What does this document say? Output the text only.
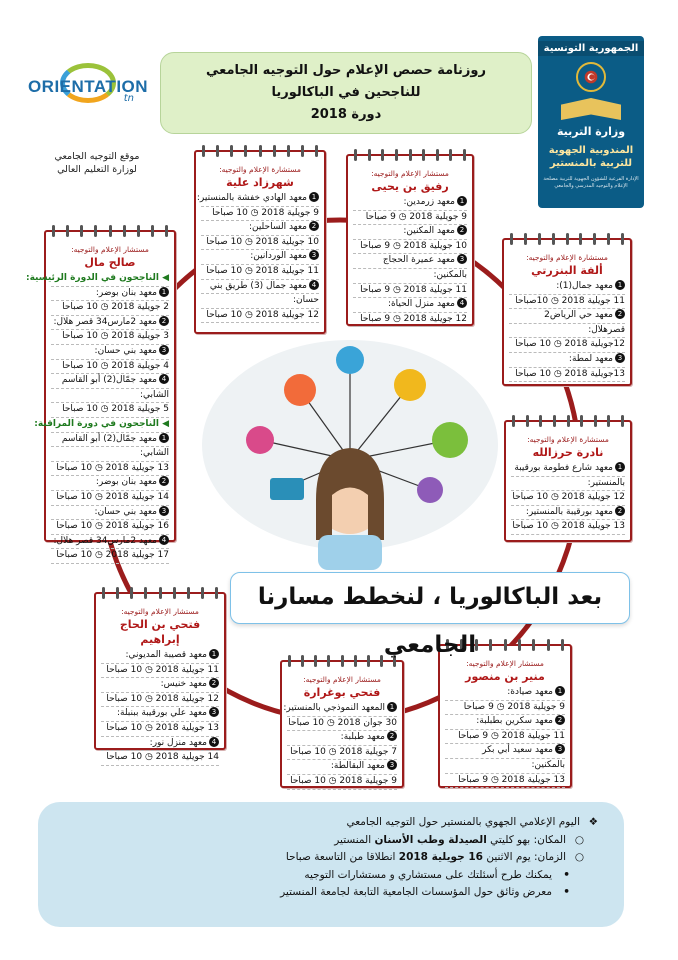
ORIENTATION
tn
موقع التوجيه الجامعي
لوزارة التعليم العالي
روزنامة حصص الإعلام حول التوجيه الجامعي
للناجحين في الباكالوريا
دورة 2018
الجمهورية التونسية
وزارة التربية
المندوبية الجهوية
للتربية بالمنستير
الإدارة الفرعية للشؤون الجهوية للتربية مصلحة الإعلام والتوجيه المدرسي والجامعي
مستشار الإعلام والتوجيه:
رفيق بن يحيى
1معهد زرمدين:
9 جويلية 2018 ◷ 9 صباحا
2معهد المكنين:
10 جويلية 2018 ◷ 9 صباحا
3معهد عميرة الحجاج
بالمكنين:
11 جويلية 2018 ◷ 9 صباحا
4معهد منزل الحياة:
12 جويلية 2018 ◷ 9 صباحا
مستشارة الإعلام والتوجيه:
شهرزاد علية
1معهد الهادي خفشة بالمنستير:
9 جويلية 2018 ◷ 10 صباحا
2معهد الساحلين:
10 جويلية 2018 ◷ 10 صباحا
3معهد الوردانين:
11 جويلية 2018 ◷ 10 صباحا
4معهد جمال (3) طريق بني
حسان:
12 جويلية 2018 ◷ 10 صباحا
مستشار الإعلام والتوجيه:
صالح مال
◀ الناجحون في الدورة الرئيسية:
1معهد بنان بوضر:
2 جويلية 2018 ◷ 10 صباحا
2معهد 2مارس34 قصر هلال:
3 جويلية 2018 ◷ 10 صباحا
3معهد بني حسان:
4 جويلية 2018 ◷ 10 صباحا
4معهد جمّال(2) أبو القاسم
الشابي:
5 جويلية 2018 ◷ 10 صباحا
◀ الناجحون في دورة المراقبة:
1معهد جمّال(2) أبو القاسم
الشابي:
13 جويلية 2018 ◷ 10 صباحا
2معهد بنان بوضر:
14 جويلية 2018 ◷ 10 صباحا
3معهد بني حسان:
16 جويلية 2018 ◷ 10 صباحا
4معهد 2مارس34 قصر هلال:
17 جويلية 2018 ◷ 10 صباحا
مستشارة الإعلام والتوجيه:
ألفة البنزرتي
1معهد جمال(1):
11 جويلية 2018 ◷ 10صباحا
2معهد حي الرياض2
قصرهلال:
12جويلية 2018 ◷ 10 صباحا
3معهد لمطة:
13جويلية 2018 ◷ 10 صباحا
مستشارة الإعلام والتوجيه:
نادرة حرزالله
1معهد شارع فطومة بورقيبة
بالمنستير:
12 جويلية 2018 ◷ 10 صباحا
2معهد بورقيبة بالمنستير:
13 جويلية 2018 ◷ 10 صباحا
مستشار الإعلام والتوجيه:
فتحي بن الحاج إبراهيم
1معهد قصيبة المديوني:
11 جويلية 2018 ◷ 10 صباحا
2معهد خنيس:
12 جويلية 2018 ◷ 10 صباحا
3معهد علي بورقيبة ببنبلة:
13 جويلية 2018 ◷ 10 صباحا
4معهد منزل نور:
14 جويلية 2018 ◷ 10 صباحا
مستشار الإعلام والتوجيه:
فتحي بوغرارة
1المعهد النموذجي بالمنستير:
30 جوان 2018 ◷ 10 صباحا
2معهد طبلبة:
7 جويلية 2018 ◷ 10 صباحا
3معهد البقالطة:
9 جويلية 2018 ◷ 10 صباحا
مستشار الإعلام والتوجيه:
منير بن منصور
1معهد صيادة:
9 جويلية 2018 ◷ 9 صباحا
2معهد سكرين بطبلبة:
11 جويلية 2018 ◷ 9 صباحا
3معهد سعيد أبي بكر
بالمكنين:
13 جويلية 2018 ◷ 9 صباحا
بعد الباكالوريا ، لنخطط مسارنا الجامعي
❖اليوم الإعلامي الجهوي بالمنستير حول التوجيه الجامعي
○المكان: بهو كليتي الصيدلة وطب الأسنان المنستير
○الزمان: يوم الاثنين 16 جويلية 2018 انطلاقا من التاسعة صباحا
•يمكنك طرح أسئلتك على مستشاري و مستشارات التوجيه
•معرض وثائق حول المؤسسات الجامعية التابعة لجامعة المنستير
